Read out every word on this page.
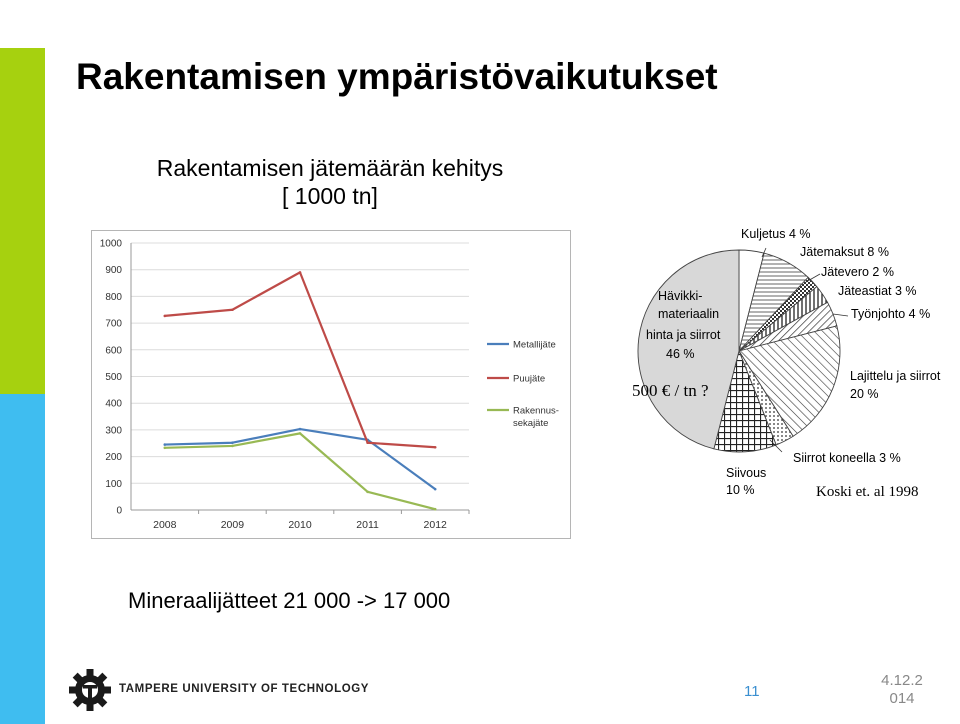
Rakentamisen ympäristövaikutukset
Rakentamisen jätemäärän kehitys
[ 1000 tn]
0
100
200
300
400
500
600
700
800
900
1000
2008	2009	2010	2011	2012
Metallijäte
Puujäte
Rakennus-
sekajäte
Kuljetus 4 %
Jätemaksut 8 %
Jätevero 2 %
Jäteastiat 3 %
Työnjohto 4 %
Lajittelu ja siirrot
20 %
Siirrot koneella 3 %
Siivous
10 %
Hävikki-
materiaalin
hinta ja siirrot
46 %
500 € / tn ?
Koski et. al 1998
Mineraalijätteet 21 000 -> 17 000
TAMPERE UNIVERSITY OF TECHNOLOGY	11
4.12.2
014
